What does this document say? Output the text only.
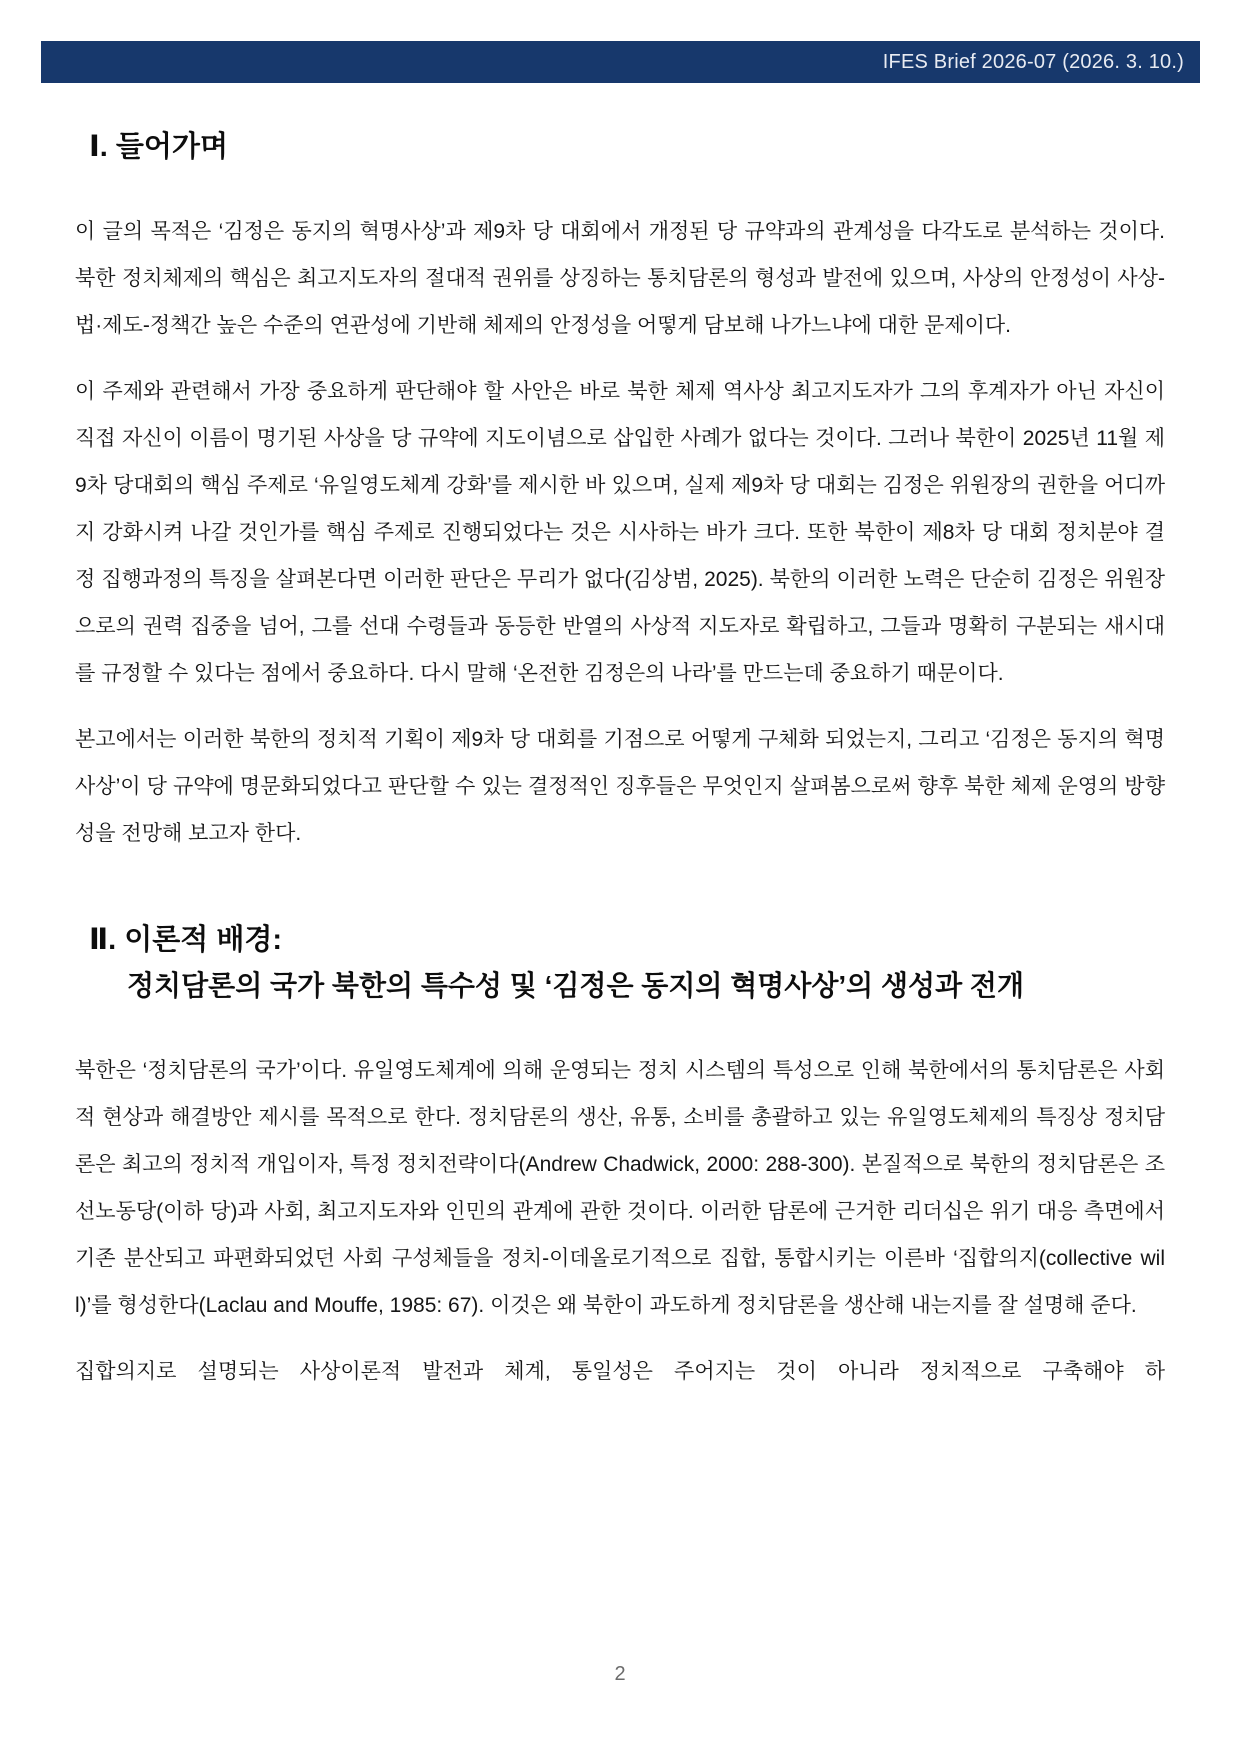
IFES Brief 2026-07 (2026. 3. 10.)
Ⅰ. 들어가며

이 글의 목적은 ‘김정은 동지의 혁명사상’과 제9차 당 대회에서 개정된 당 규약과의 관계성을 다각도로 분석하는 것이다. 북한 정치체제의 핵심은 최고지도자의 절대적 권위를 상징하는 통치담론의 형성과 발전에 있으며, 사상의 안정성이 사상-법·제도-정책간 높은 수준의 연관성에 기반해 체제의 안정성을 어떻게 담보해 나가느냐에 대한 문제이다.

이 주제와 관련해서 가장 중요하게 판단해야 할 사안은 바로 북한 체제 역사상 최고지도자가 그의 후계자가 아닌 자신이 직접 자신이 이름이 명기된 사상을 당 규약에 지도이념으로 삽입한 사례가 없다는 것이다. 그러나 북한이 2025년 11월 제9차 당대회의 핵심 주제로 ‘유일영도체계 강화’를 제시한 바 있으며, 실제 제9차 당 대회는 김정은 위원장의 권한을 어디까지 강화시켜 나갈 것인가를 핵심 주제로 진행되었다는 것은 시사하는 바가 크다. 또한 북한이 제8차 당 대회 정치분야 결정 집행과정의 특징을 살펴본다면 이러한 판단은 무리가 없다(김상범, 2025). 북한의 이러한 노력은 단순히 김정은 위원장으로의 권력 집중을 넘어, 그를 선대 수령들과 동등한 반열의 사상적 지도자로 확립하고, 그들과 명확히 구분되는 새시대를 규정할 수 있다는 점에서 중요하다. 다시 말해 ‘온전한 김정은의 나라’를 만드는데 중요하기 때문이다.

본고에서는 이러한 북한의 정치적 기획이 제9차 당 대회를 기점으로 어떻게 구체화 되었는지, 그리고 ‘김정은 동지의 혁명사상’이 당 규약에 명문화되었다고 판단할 수 있는 결정적인 징후들은 무엇인지 살펴봄으로써 향후 북한 체제 운영의 방향성을 전망해 보고자 한다.

Ⅱ. 이론적 배경:
정치담론의 국가 북한의 특수성 및 ‘김정은 동지의 혁명사상’의 생성과 전개

북한은 ‘정치담론의 국가’이다. 유일영도체계에 의해 운영되는 정치 시스템의 특성으로 인해 북한에서의 통치담론은 사회적 현상과 해결방안 제시를 목적으로 한다. 정치담론의 생산, 유통, 소비를 총괄하고 있는 유일영도체제의 특징상 정치담론은 최고의 정치적 개입이자, 특정 정치전략이다(Andrew Chadwick, 2000: 288-300). 본질적으로 북한의 정치담론은 조선노동당(이하 당)과 사회, 최고지도자와 인민의 관계에 관한 것이다. 이러한 담론에 근거한 리더십은 위기 대응 측면에서 기존 분산되고 파편화되었던 사회 구성체들을 정치-이데올로기적으로 집합, 통합시키는 이른바 ‘집합의지(collective will)’를 형성한다(Laclau and Mouffe, 1985: 67). 이것은 왜 북한이 과도하게 정치담론을 생산해 내는지를 잘 설명해 준다.

집합의지로 설명되는 사상이론적 발전과 체계, 통일성은 주어지는 것이 아니라 정치적으로 구축해야 하

2
